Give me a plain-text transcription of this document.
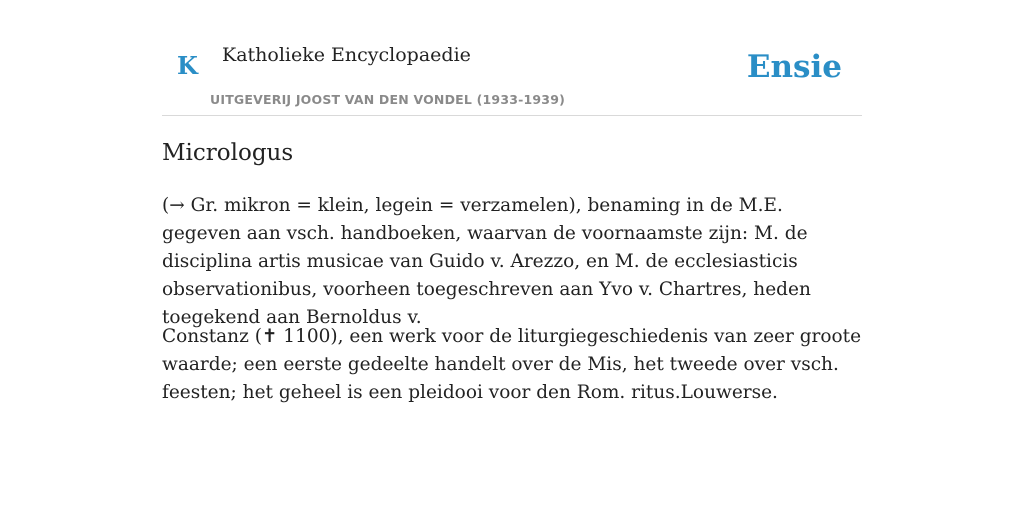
K Katholieke Encyclopaedie
UITGEVERIJ JOOST VAN DEN VONDEL (1933-1939)
Ensie
Micrologus

(→ Gr. mikron = klein, legein = verzamelen), benaming in de M.E. gegeven aan vsch. handboeken, waarvan de voornaamste zijn: M. de disciplina artis musicae van Guido v. Arezzo, en M. de ecclesiasticis observationibus, voorheen toegeschreven aan Yvo v. Chartres, heden toegekend aan Bernoldus v.

Constanz (✝ 1100), een werk voor de liturgiegeschiedenis van zeer groote waarde; een eerste gedeelte handelt over de Mis, het tweede over vsch. feesten; het geheel is een pleidooi voor den Rom. ritus.Louwerse.
